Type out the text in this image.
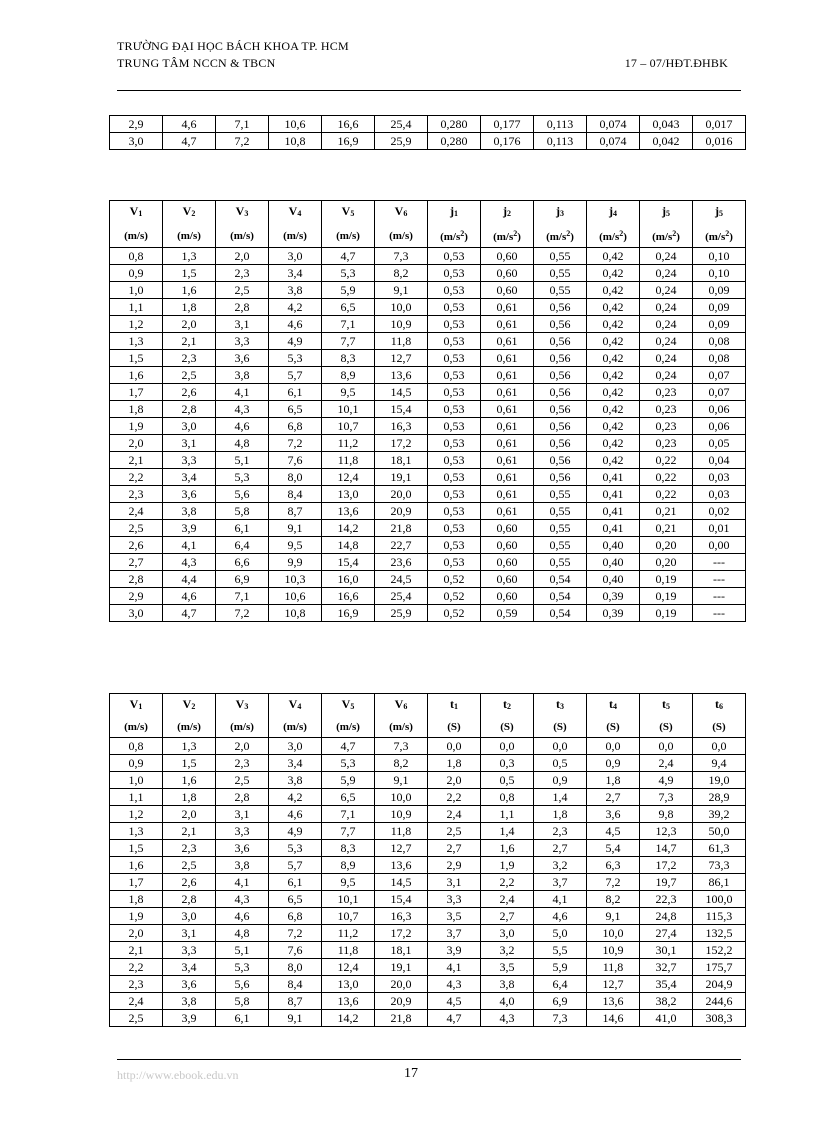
TRƯỜNG ĐẠI HỌC BÁCH KHOA TP. HCM
TRUNG TÂM NCCN & TBCN	17 – 07/HĐT.ĐHBK
2,9	4,6	7,1	10,6	16,6	25,4	0,280	0,177	0,113	0,074	0,043	0,017
3,0	4,7	7,2	10,8	16,9	25,9	0,280	0,176	0,113	0,074	0,042	0,016
$V_1$	$V_2$	$V_3$	$V_4$	$V_5$	$V_6$	$j_1$	$j_2$	$j_3$	$j_4$	$j_5$	$j_5$
(m/s)	(m/s)	(m/s)	(m/s)	(m/s)	(m/s)	$(m/s^2)$	$(m/s^2)$	$(m/s^2)$	$(m/s^2)$	$(m/s^2)$	$(m/s^2)$
0,8	1,3	2,0	3,0	4,7	7,3	0,53	0,60	0,55	0,42	0,24	0,10
0,9	1,5	2,3	3,4	5,3	8,2	0,53	0,60	0,55	0,42	0,24	0,10
1,0	1,6	2,5	3,8	5,9	9,1	0,53	0,60	0,55	0,42	0,24	0,09
1,1	1,8	2,8	4,2	6,5	10,0	0,53	0,61	0,56	0,42	0,24	0,09
1,2	2,0	3,1	4,6	7,1	10,9	0,53	0,61	0,56	0,42	0,24	0,09
1,3	2,1	3,3	4,9	7,7	11,8	0,53	0,61	0,56	0,42	0,24	0,08
1,5	2,3	3,6	5,3	8,3	12,7	0,53	0,61	0,56	0,42	0,24	0,08
1,6	2,5	3,8	5,7	8,9	13,6	0,53	0,61	0,56	0,42	0,24	0,07
1,7	2,6	4,1	6,1	9,5	14,5	0,53	0,61	0,56	0,42	0,23	0,07
1,8	2,8	4,3	6,5	10,1	15,4	0,53	0,61	0,56	0,42	0,23	0,06
1,9	3,0	4,6	6,8	10,7	16,3	0,53	0,61	0,56	0,42	0,23	0,06
2,0	3,1	4,8	7,2	11,2	17,2	0,53	0,61	0,56	0,42	0,23	0,05
2,1	3,3	5,1	7,6	11,8	18,1	0,53	0,61	0,56	0,42	0,22	0,04
2,2	3,4	5,3	8,0	12,4	19,1	0,53	0,61	0,56	0,41	0,22	0,03
2,3	3,6	5,6	8,4	13,0	20,0	0,53	0,61	0,55	0,41	0,22	0,03
2,4	3,8	5,8	8,7	13,6	20,9	0,53	0,61	0,55	0,41	0,21	0,02
2,5	3,9	6,1	9,1	14,2	21,8	0,53	0,60	0,55	0,41	0,21	0,01
2,6	4,1	6,4	9,5	14,8	22,7	0,53	0,60	0,55	0,40	0,20	0,00
2,7	4,3	6,6	9,9	15,4	23,6	0,53	0,60	0,55	0,40	0,20	---
2,8	4,4	6,9	10,3	16,0	24,5	0,52	0,60	0,54	0,40	0,19	---
2,9	4,6	7,1	10,6	16,6	25,4	0,52	0,60	0,54	0,39	0,19	---
3,0	4,7	7,2	10,8	16,9	25,9	0,52	0,59	0,54	0,39	0,19	---
$V_1$	$V_2$	$V_3$	$V_4$	$V_5$	$V_6$	$t_1$	$t_2$	$t_3$	$t_4$	$t_5$	$t_6$
(m/s)	(m/s)	(m/s)	(m/s)	(m/s)	(m/s)	(S)	(S)	(S)	(S)	(S)	(S)
0,8	1,3	2,0	3,0	4,7	7,3	0,0	0,0	0,0	0,0	0,0	0,0
0,9	1,5	2,3	3,4	5,3	8,2	1,8	0,3	0,5	0,9	2,4	9,4
1,0	1,6	2,5	3,8	5,9	9,1	2,0	0,5	0,9	1,8	4,9	19,0
1,1	1,8	2,8	4,2	6,5	10,0	2,2	0,8	1,4	2,7	7,3	28,9
1,2	2,0	3,1	4,6	7,1	10,9	2,4	1,1	1,8	3,6	9,8	39,2
1,3	2,1	3,3	4,9	7,7	11,8	2,5	1,4	2,3	4,5	12,3	50,0
1,5	2,3	3,6	5,3	8,3	12,7	2,7	1,6	2,7	5,4	14,7	61,3
1,6	2,5	3,8	5,7	8,9	13,6	2,9	1,9	3,2	6,3	17,2	73,3
1,7	2,6	4,1	6,1	9,5	14,5	3,1	2,2	3,7	7,2	19,7	86,1
1,8	2,8	4,3	6,5	10,1	15,4	3,3	2,4	4,1	8,2	22,3	100,0
1,9	3,0	4,6	6,8	10,7	16,3	3,5	2,7	4,6	9,1	24,8	115,3
2,0	3,1	4,8	7,2	11,2	17,2	3,7	3,0	5,0	10,0	27,4	132,5
2,1	3,3	5,1	7,6	11,8	18,1	3,9	3,2	5,5	10,9	30,1	152,2
2,2	3,4	5,3	8,0	12,4	19,1	4,1	3,5	5,9	11,8	32,7	175,7
2,3	3,6	5,6	8,4	13,0	20,0	4,3	3,8	6,4	12,7	35,4	204,9
2,4	3,8	5,8	8,7	13,6	20,9	4,5	4,0	6,9	13,6	38,2	244,6
2,5	3,9	6,1	9,1	14,2	21,8	4,7	4,3	7,3	14,6	41,0	308,3
http://www.ebook.edu.vn	17
